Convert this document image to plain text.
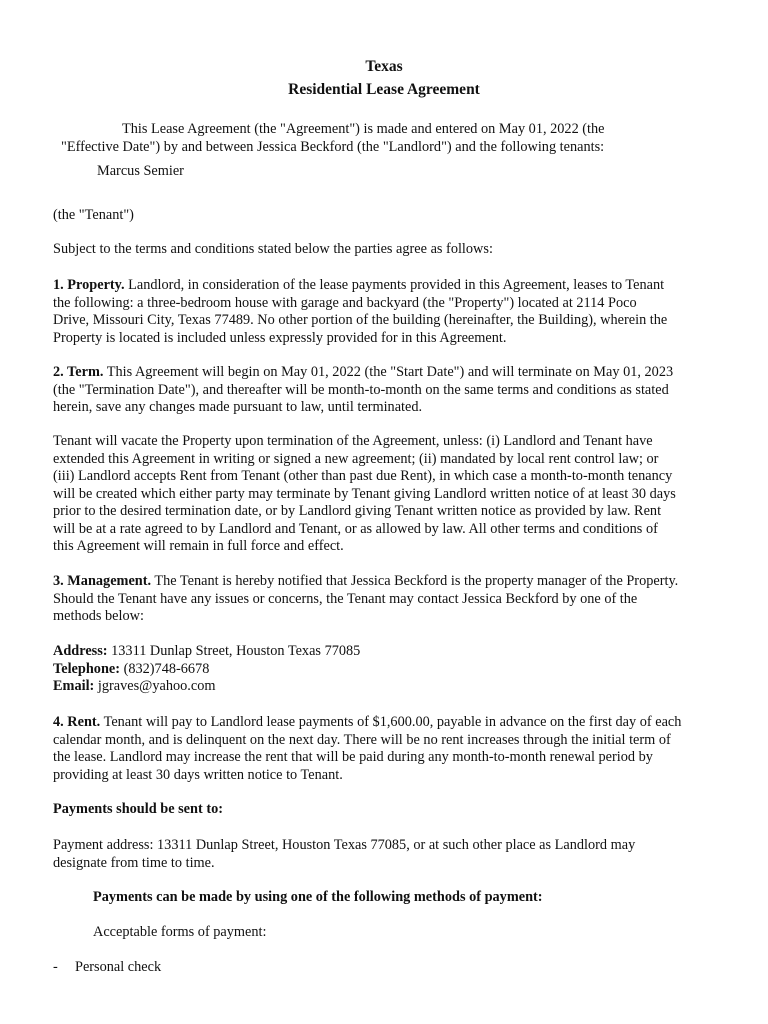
Texas
Residential Lease Agreement
This Lease Agreement (the "Agreement") is made and entered on May 01, 2022 (the
"Effective Date") by and between Jessica Beckford (the "Landlord") and the following tenants:
Marcus Semier
(the "Tenant")

Subject to the terms and conditions stated below the parties agree as follows:

1. Property. Landlord, in consideration of the lease payments provided in this Agreement, leases to Tenant
the following: a three-bedroom house with garage and backyard (the "Property") located at 2114 Poco
Drive, Missouri City, Texas 77489. No other portion of the building (hereinafter, the Building), wherein the
Property is located is included unless expressly provided for in this Agreement.

2. Term. This Agreement will begin on May 01, 2022 (the "Start Date") and will terminate on May 01, 2023
(the "Termination Date"), and thereafter will be month-to-month on the same terms and conditions as stated
herein, save any changes made pursuant to law, until terminated.

Tenant will vacate the Property upon termination of the Agreement, unless: (i) Landlord and Tenant have
extended this Agreement in writing or signed a new agreement; (ii) mandated by local rent control law; or
(iii) Landlord accepts Rent from Tenant (other than past due Rent), in which case a month-to-month tenancy
will be created which either party may terminate by Tenant giving Landlord written notice of at least 30 days
prior to the desired termination date, or by Landlord giving Tenant written notice as provided by law. Rent
will be at a rate agreed to by Landlord and Tenant, or as allowed by law. All other terms and conditions of
this Agreement will remain in full force and effect.

3. Management. The Tenant is hereby notified that Jessica Beckford is the property manager of the Property.
Should the Tenant have any issues or concerns, the Tenant may contact Jessica Beckford by one of the
methods below:

Address: 13311 Dunlap Street, Houston Texas 77085
Telephone: (832)748-6678
Email: jgraves@yahoo.com

4. Rent. Tenant will pay to Landlord lease payments of $1,600.00, payable in advance on the first day of each
calendar month, and is delinquent on the next day. There will be no rent increases through the initial term of
the lease. Landlord may increase the rent that will be paid during any month-to-month renewal period by
providing at least 30 days written notice to Tenant.

Payments should be sent to:

Payment address: 13311 Dunlap Street, Houston Texas 77085, or at such other place as Landlord may
designate from time to time.

Payments can be made by using one of the following methods of payment:
Acceptable forms of payment:
- Personal check
